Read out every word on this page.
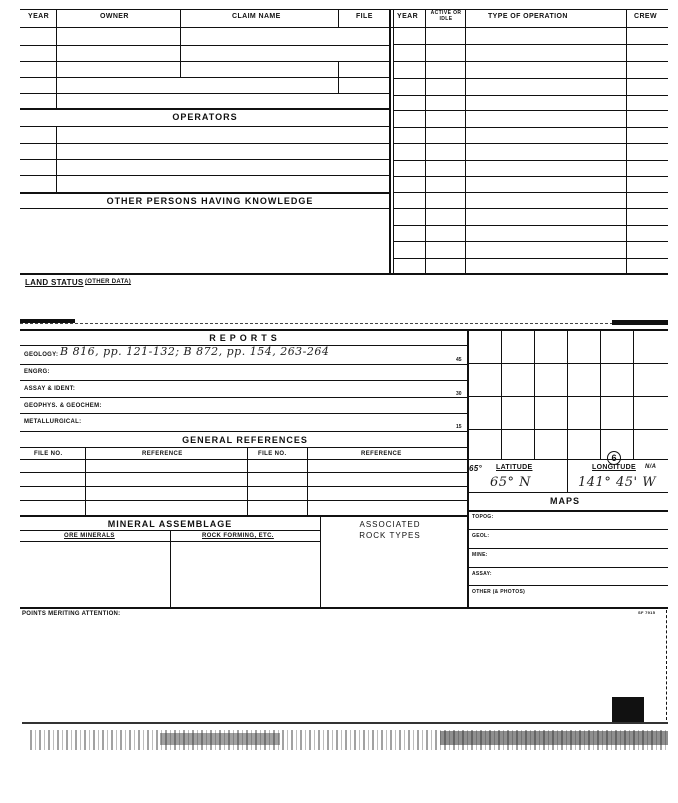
YEAR	OWNER	CLAIM NAME	FILE	YEAR	ACTIVE OR IDLE	TYPE OF OPERATION	CREW
OPERATORS
OTHER PERSONS HAVING KNOWLEDGE
LAND STATUS (OTHER DATA)
REPORTS
GEOLOGY: B 816, pp. 121-132; B 872, pp. 154, 263-264
45
ENGRG:
ASSAY & IDENT:
30
GEOPHYS. & GEOCHEM:
METALLURGICAL:
15
GENERAL REFERENCES
FILE NO.	REFERENCE	FILE NO.	REFERENCE
MINERAL ASSEMBLAGE
ORE MINERALS	ROCK FORMING, ETC.
ASSOCIATED ROCK TYPES
65° LATITUDE
65° N
LONGITUDE N/A
6
141° 45' W
MAPS
TOPOG:
GEOL:
MINE:
ASSAY:
OTHER (& PHOTOS)
POINTS MERITING ATTENTION:	SF 7915
